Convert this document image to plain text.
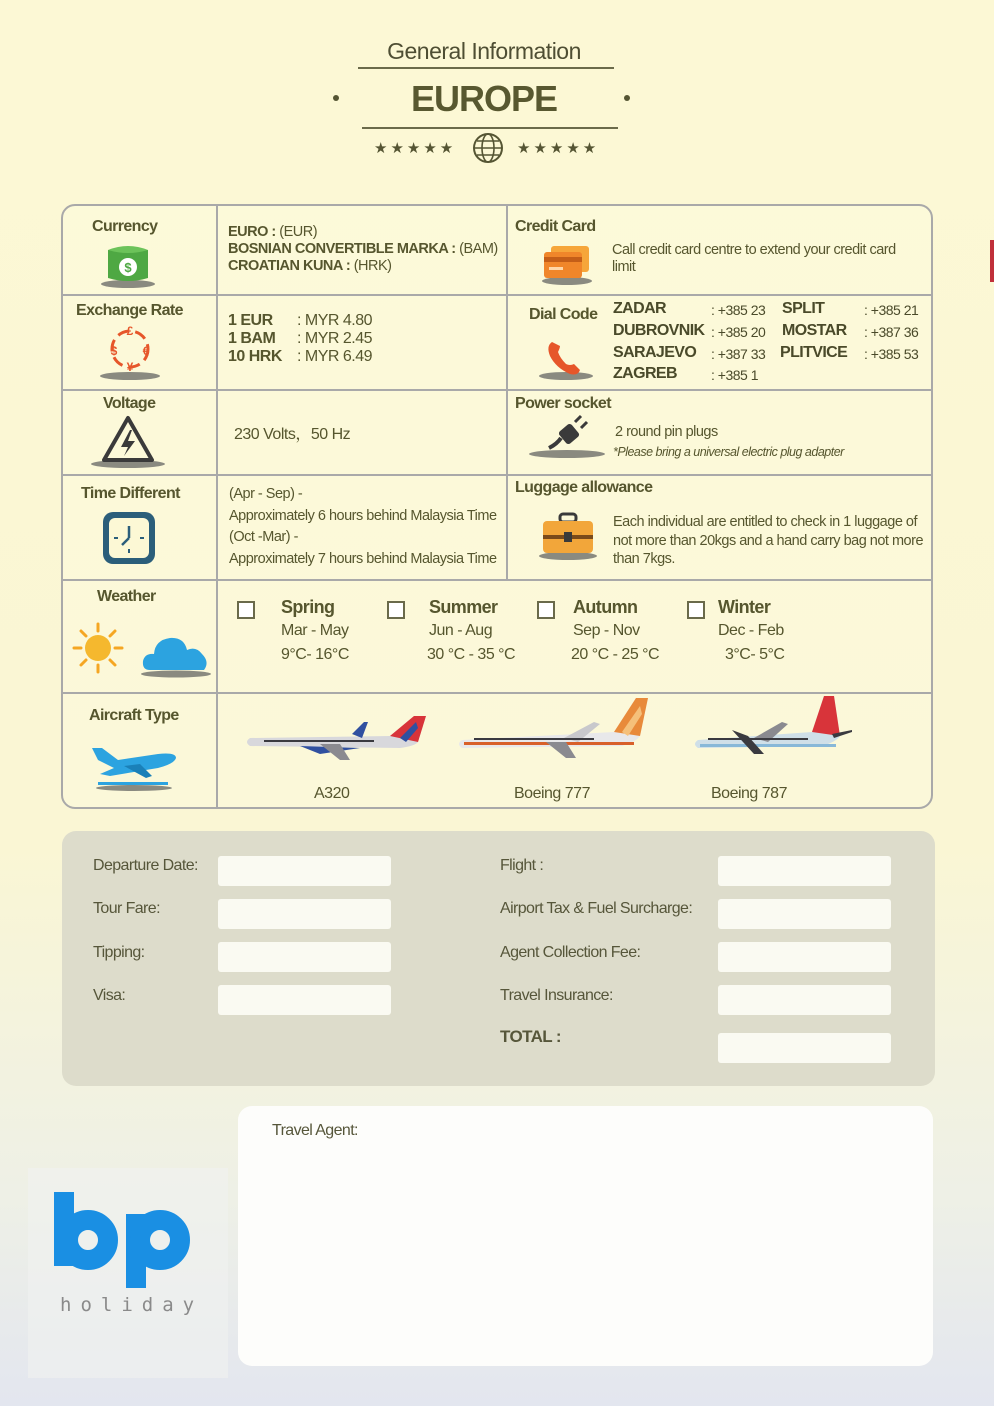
General Information
EUROPE
★★★★★	★★★★★
Currency
$
EURO : (EUR)
BOSNIAN CONVERTIBLE MARKA : (BAM)
CROATIAN KUNA : (HRK)
Credit Card
Call credit card centre to extend your credit card limit
Exchange Rate
£
$ €
¥
1 EUR : MYR 4.80
1 BAM : MYR 2.45
10 HRK : MYR 6.49
Dial Code ZADAR	: +385 23 SPLIT	: +385 21
DUBROVNIK : +385 20 MOSTAR : +387 36
SARAJEVO : +387 33 PLITVICE : +385 53
ZAGREB : +385 1
Voltage
230 Volts，50 Hz
Power socket
2 round pin plugs
*Please bring a universal electric plug adapter
Time Different	(Apr - Sep) -
Approximately 6 hours behind Malaysia Time
(Oct -Mar) -
Approximately 7 hours behind Malaysia Time
Luggage allowance
Each individual are entitled to check in 1 luggage of not more than 20kgs and a hand carry bag not more than 7kgs.
Weather
Spring
Mar - May
9°C- 16°C
Summer
Jun - Aug
30 °C - 35 °C
Autumn
Sep - Nov
20 °C - 25 °C
Winter
Dec - Feb
3°C- 5°C
Aircraft Type
A320	Boeing 777	Boeing 787
Departure Date:
Tour Fare:
Tipping:
Visa:
Flight :
Airport Tax & Fuel Surcharge:
Agent Collection Fee:
Travel Insurance:
TOTAL :
holiday
Travel Agent:
